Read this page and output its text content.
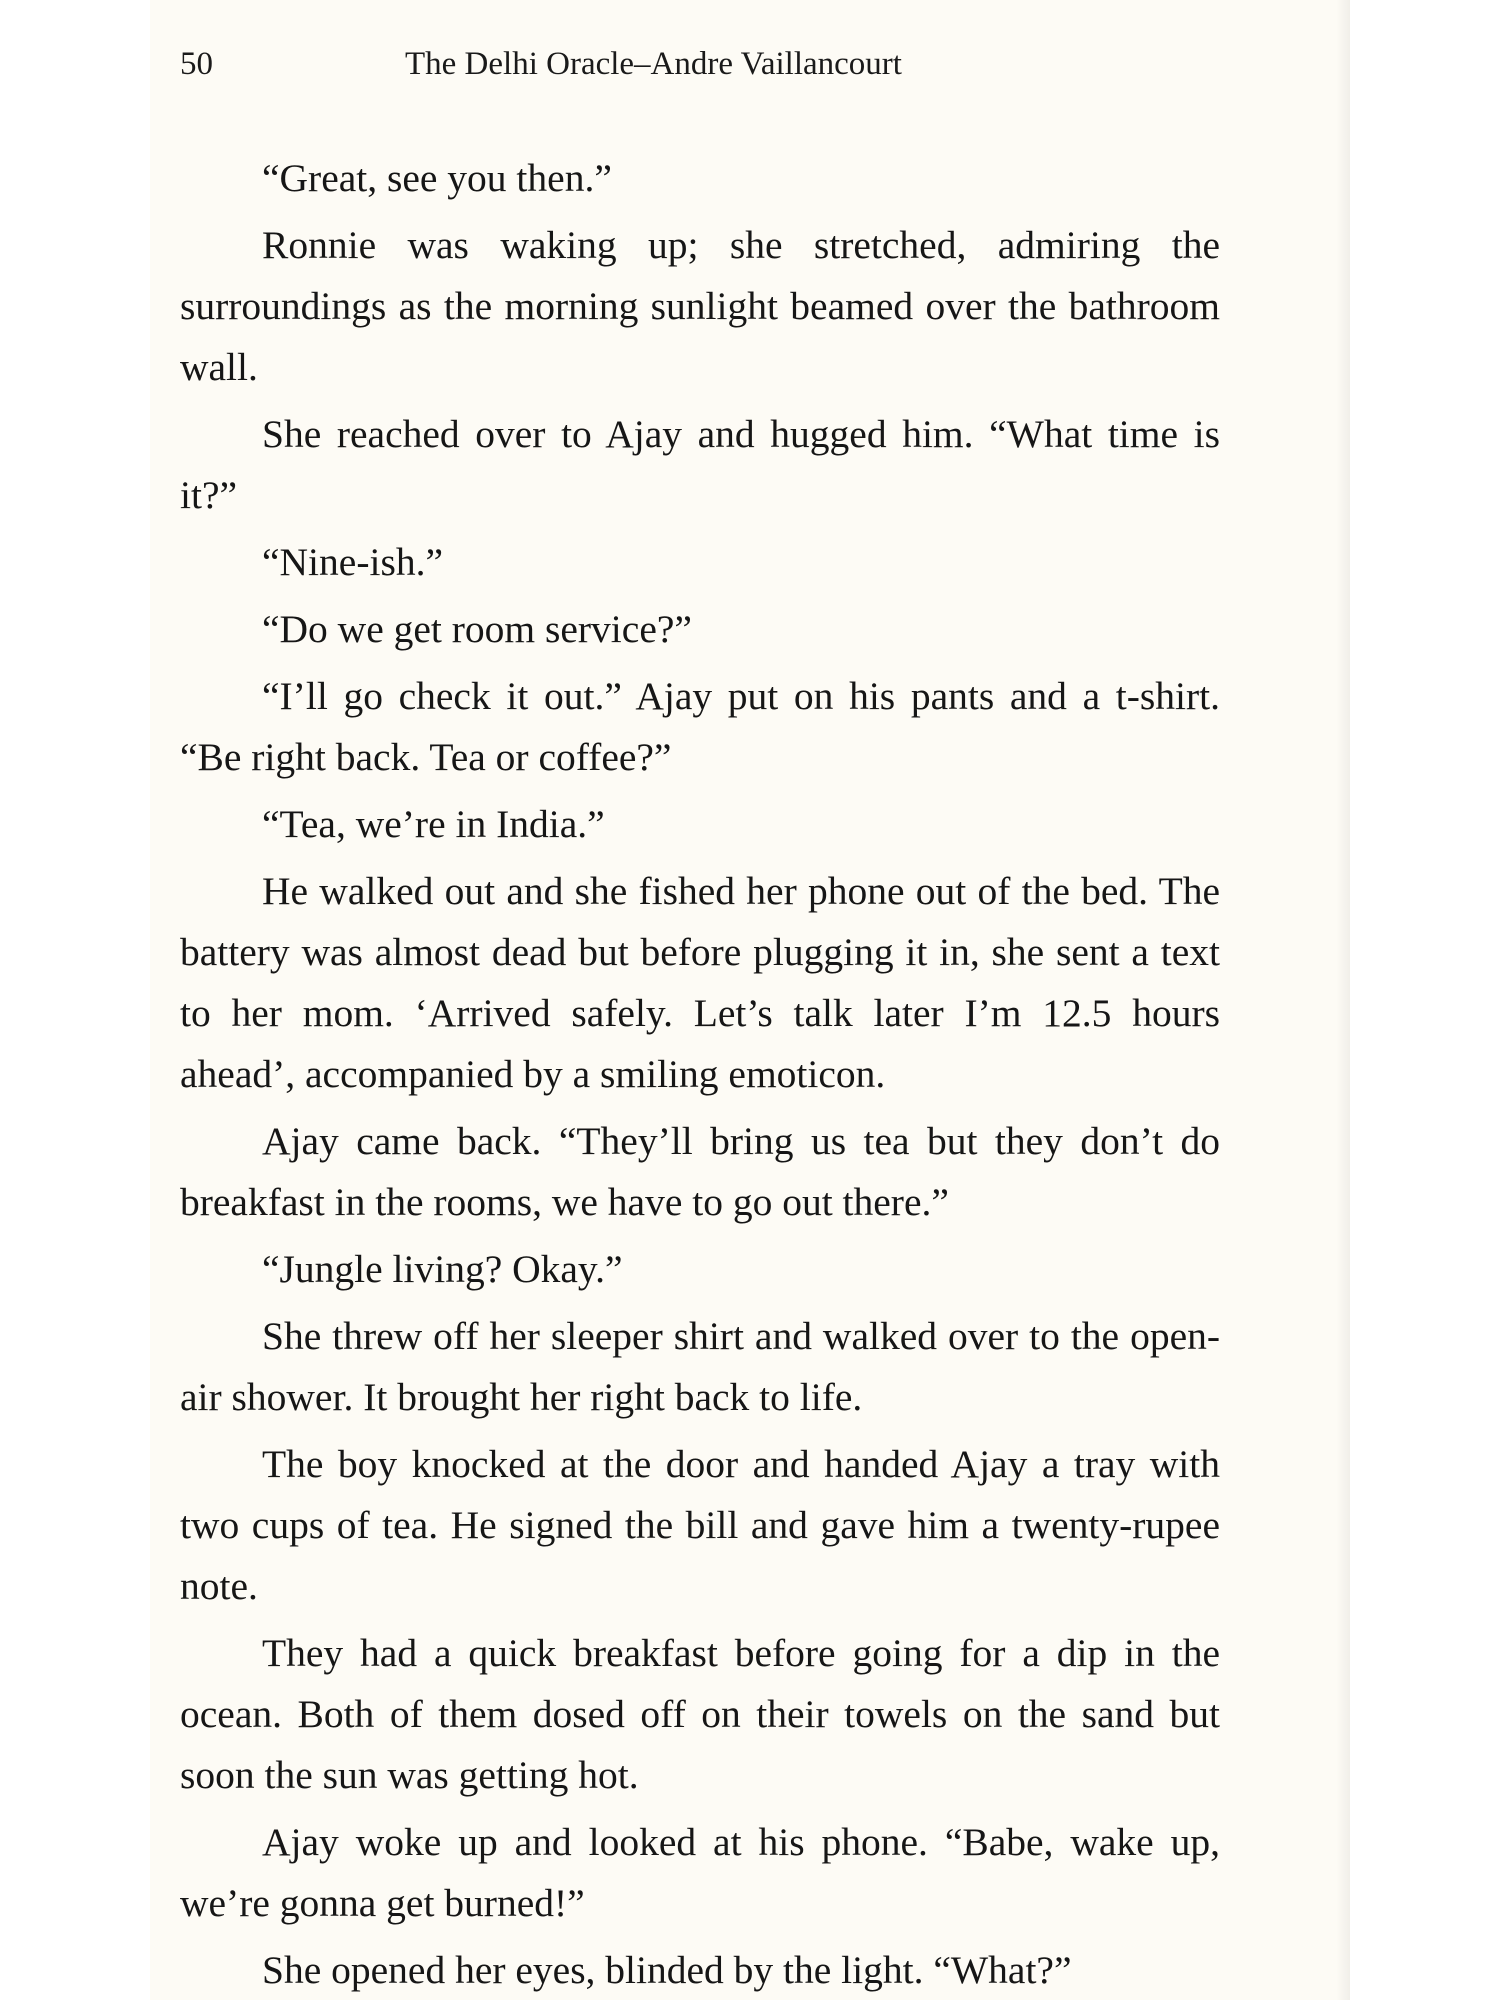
50	The Delhi Oracle–Andre Vaillancourt

“Great, see you then.”

Ronnie was waking up; she stretched, admiring the surroundings as the morning sunlight beamed over the bathroom wall.

She reached over to Ajay and hugged him. “What time is it?”

“Nine-ish.”

“Do we get room service?”

“I’ll go check it out.” Ajay put on his pants and a t-shirt. “Be right back. Tea or coffee?”

“Tea, we’re in India.”

He walked out and she fished her phone out of the bed. The battery was almost dead but before plugging it in, she sent a text to her mom. ‘Arrived safely. Let’s talk later I’m 12.5 hours ahead’, accompanied by a smiling emoticon.

Ajay came back. “They’ll bring us tea but they don’t do breakfast in the rooms, we have to go out there.”

“Jungle living? Okay.”

She threw off her sleeper shirt and walked over to the open-air shower. It brought her right back to life.

The boy knocked at the door and handed Ajay a tray with two cups of tea. He signed the bill and gave him a twenty-rupee note.

They had a quick breakfast before going for a dip in the ocean. Both of them dosed off on their towels on the sand but soon the sun was getting hot.

Ajay woke up and looked at his phone. “Babe, wake up, we’re gonna get burned!”

She opened her eyes, blinded by the light. “What?”
